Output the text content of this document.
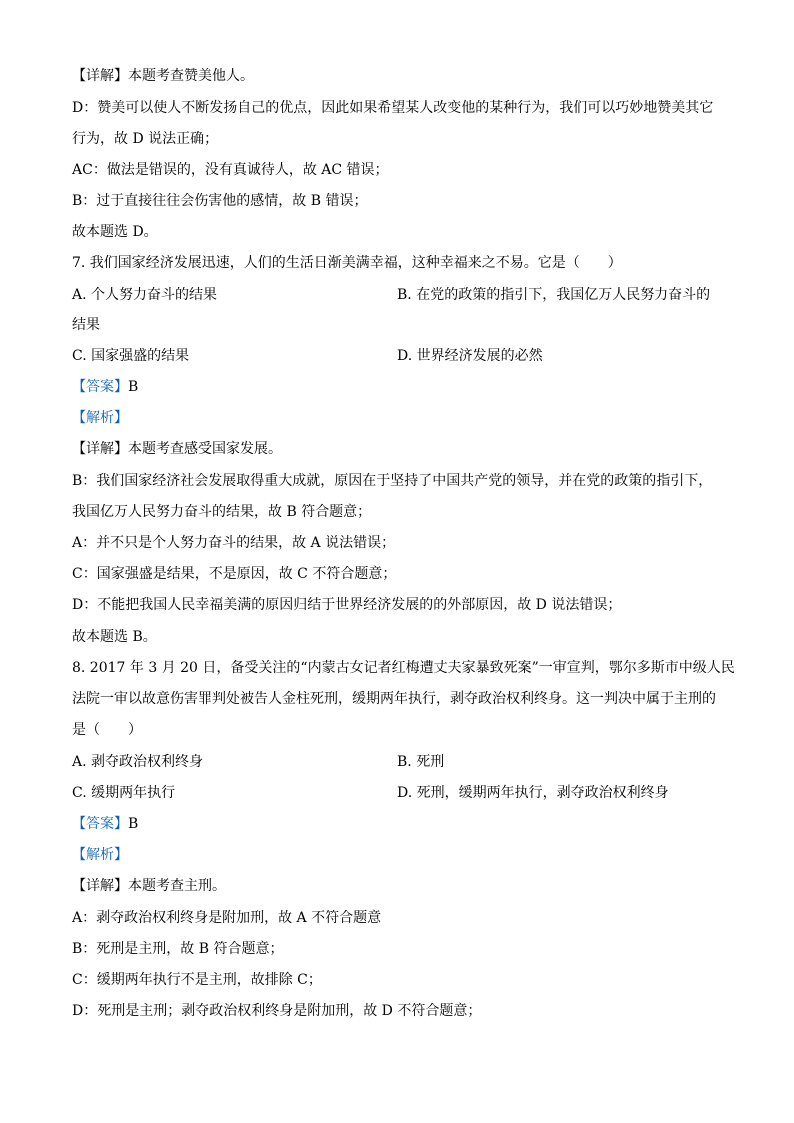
【详解】本题考查赞美他人。
D：赞美可以使人不断发扬自己的优点，因此如果希望某人改变他的某种行为，我们可以巧妙地赞美其它
行为，故 D 说法正确；
AC：做法是错误的，没有真诚待人，故 AC 错误；
B：过于直接往往会伤害他的感情，故 B 错误；
故本题选 D。
7. 我们国家经济发展迅速，人们的生活日渐美满幸福，这种幸福来之不易。它是（　　）
A. 个人努力奋斗的结果	B. 在党的政策的指引下，我国亿万人民努力奋斗的
结果
C. 国家强盛的结果	D. 世界经济发展的必然
【答案】B
【解析】
【详解】本题考查感受国家发展。
B：我们国家经济社会发展取得重大成就，原因在于坚持了中国共产党的领导，并在党的政策的指引下，
我国亿万人民努力奋斗的结果，故 B 符合题意；
A：并不只是个人努力奋斗的结果，故 A 说法错误；
C：国家强盛是结果，不是原因，故 C 不符合题意；
D：不能把我国人民幸福美满的原因归结于世界经济发展的的外部原因，故 D 说法错误；
故本题选 B。
8. 2017 年 3 月 20 日，备受关注的“内蒙古女记者红梅遭丈夫家暴致死案”一审宣判，鄂尔多斯市中级人民
法院一审以故意伤害罪判处被告人金柱死刑，缓期两年执行，剥夺政治权利终身。这一判决中属于主刑的
是（　　）
A. 剥夺政治权利终身	B. 死刑
C. 缓期两年执行	D. 死刑，缓期两年执行，剥夺政治权利终身
【答案】B
【解析】
【详解】本题考查主刑。
A：剥夺政治权利终身是附加刑，故 A 不符合题意
B：死刑是主刑，故 B 符合题意；
C：缓期两年执行不是主刑，故排除 C；
D：死刑是主刑；剥夺政治权利终身是附加刑，故 D 不符合题意；
